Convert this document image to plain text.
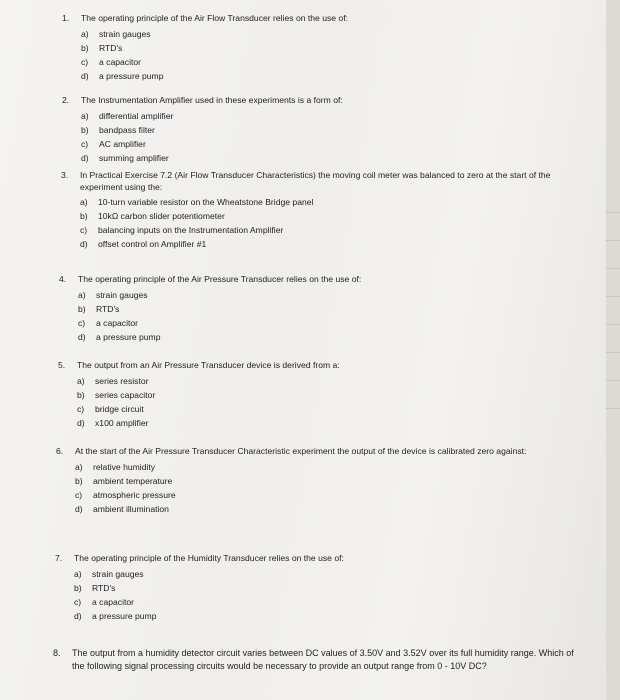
1. The operating principle of the Air Flow Transducer relies on the use of:
a) strain gauges
b) RTD's
c) a capacitor
d) a pressure pump
2. The Instrumentation Amplifier used in these experiments is a form of:
a) differential amplifier
b) bandpass filter
c) AC amplifier
d) summing amplifier
3. In Practical Exercise 7.2 (Air Flow Transducer Characteristics) the moving coil meter was balanced to zero at the start of the experiment using the:
a) 10-turn variable resistor on the Wheatstone Bridge panel
b) 10kΩ carbon slider potentiometer
c) balancing inputs on the Instrumentation Amplifier
d) offset control on Amplifier #1
4. The operating principle of the Air Pressure Transducer relies on the use of:
a) strain gauges
b) RTD's
c) a capacitor
d) a pressure pump
5. The output from an Air Pressure Transducer device is derived from a:
a) series resistor
b) series capacitor
c) bridge circuit
d) x100 amplifier
6. At the start of the Air Pressure Transducer Characteristic experiment the output of the device is calibrated zero against:
a) relative humidity
b) ambient temperature
c) atmospheric pressure
d) ambient illumination
7. The operating principle of the Humidity Transducer relies on the use of:
a) strain gauges
b) RTD's
c) a capacitor
d) a pressure pump
8. The output from a humidity detector circuit varies between DC values of 3.50V and 3.52V over its full humidity range. Which of the following signal processing circuits would be necessary to provide an output range from 0 - 10V DC?
